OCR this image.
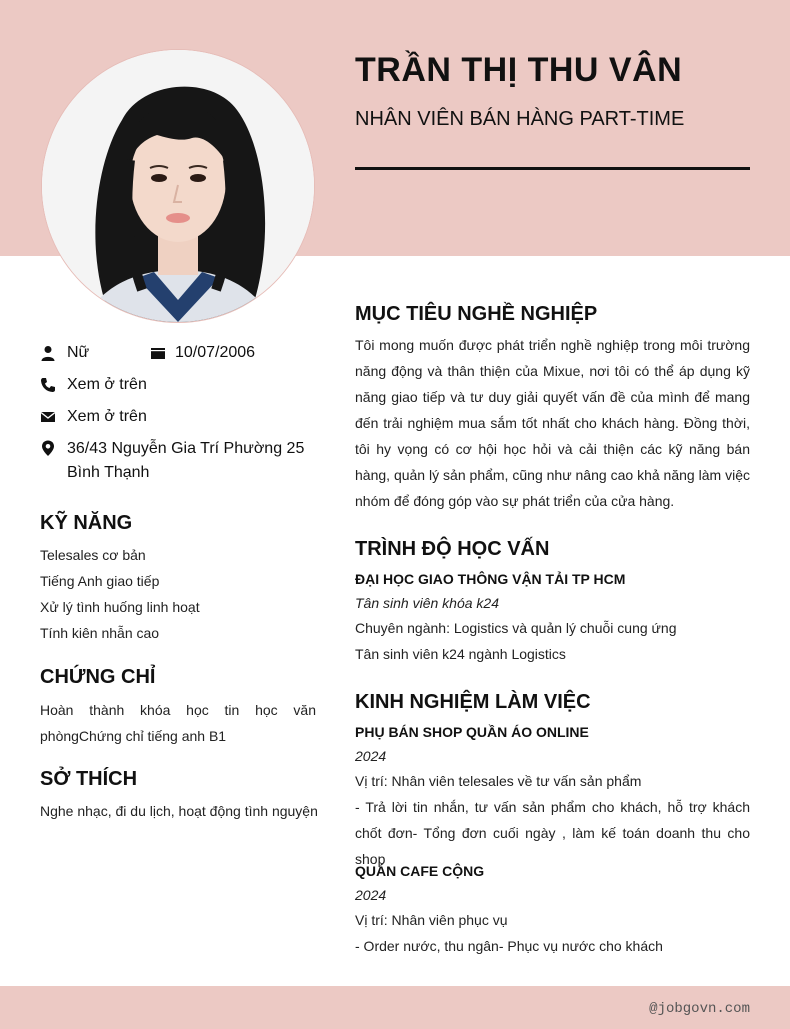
TRẦN THỊ THU VÂN
NHÂN VIÊN BÁN HÀNG PART-TIME
Nữ	10/07/2006
Xem ở trên
Xem ở trên
36/43 Nguyễn Gia Trí Phường 25
Bình Thạnh
KỸ NĂNG
Telesales cơ bản
Tiếng Anh giao tiếp
Xử lý tình huống linh hoạt
Tính kiên nhẫn cao
CHỨNG CHỈ
Hoàn thành khóa học tin học văn phòngChứng chỉ tiếng anh B1
SỞ THÍCH
Nghe nhạc, đi du lịch, hoạt động tình nguyện
MỤC TIÊU NGHỀ NGHIỆP
Tôi mong muốn được phát triển nghề nghiệp trong môi trường năng động và thân thiện của Mixue, nơi tôi có thể áp dụng kỹ năng giao tiếp và tư duy giải quyết vấn đề của mình để mang đến trải nghiệm mua sắm tốt nhất cho khách hàng. Đồng thời, tôi hy vọng có cơ hội học hỏi và cải thiện các kỹ năng bán hàng, quản lý sản phẩm, cũng như nâng cao khả năng làm việc nhóm để đóng góp vào sự phát triển của cửa hàng.
TRÌNH ĐỘ HỌC VẤN
ĐẠI HỌC GIAO THÔNG VẬN TẢI TP HCM
Tân sinh viên khóa k24
Chuyên ngành: Logistics và quản lý chuỗi cung ứng
Tân sinh viên k24 ngành Logistics
KINH NGHIỆM LÀM VIỆC
PHỤ BÁN SHOP QUẦN ÁO ONLINE
2024
Vị trí: Nhân viên telesales về tư vấn sản phẩm
- Trả lời tin nhắn, tư vấn sản phẩm cho khách, hỗ trợ khách chốt đơn- Tổng đơn cuối ngày , làm kế toán doanh thu cho shop
QUÁN CAFE CỘNG
2024
Vị trí: Nhân viên phục vụ
- Order nước, thu ngân- Phục vụ nước cho khách
@jobgovn.com
